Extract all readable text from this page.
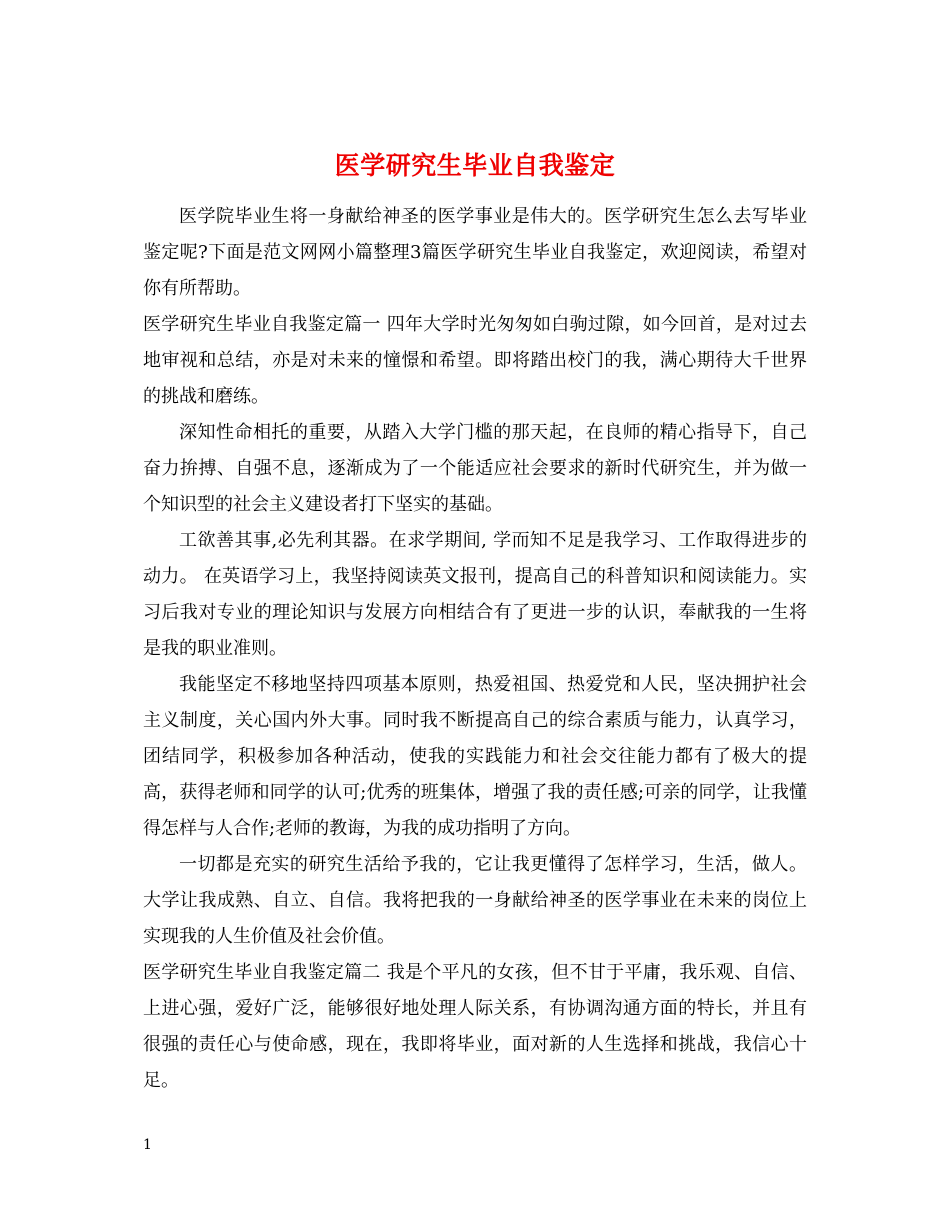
医学研究生毕业自我鉴定

医学院毕业生将一身献给神圣的医学事业是伟大的。医学研究生怎么去写毕业鉴定呢?下面是范文网网小篇整理3篇医学研究生毕业自我鉴定，欢迎阅读，希望对你有所帮助。

医学研究生毕业自我鉴定篇一 四年大学时光匆匆如白驹过隙，如今回首，是对过去地审视和总结，亦是对未来的憧憬和希望。即将踏出校门的我，满心期待大千世界的挑战和磨练。

深知性命相托的重要，从踏入大学门槛的那天起，在良师的精心指导下，自己奋力拚搏、自强不息，逐渐成为了一个能适应社会要求的新时代研究生，并为做一个知识型的社会主义建设者打下坚实的基础。

工欲善其事,必先利其器。在求学期间, 学而知不足是我学习、工作取得进步的动力。 在英语学习上，我坚持阅读英文报刊，提高自己的科普知识和阅读能力。实习后我对专业的理论知识与发展方向相结合有了更进一步的认识，奉献我的一生将是我的职业准则。

我能坚定不移地坚持四项基本原则，热爱祖国、热爱党和人民，坚决拥护社会主义制度，关心国内外大事。同时我不断提高自己的综合素质与能力，认真学习，团结同学，积极参加各种活动，使我的实践能力和社会交往能力都有了极大的提高，获得老师和同学的认可;优秀的班集体，增强了我的责任感;可亲的同学，让我懂得怎样与人合作;老师的教诲，为我的成功指明了方向。

一切都是充实的研究生活给予我的，它让我更懂得了怎样学习，生活，做人。大学让我成熟、自立、自信。我将把我的一身献给神圣的医学事业在未来的岗位上实现我的人生价值及社会价值。

医学研究生毕业自我鉴定篇二 我是个平凡的女孩，但不甘于平庸，我乐观、自信、上进心强，爱好广泛，能够很好地处理人际关系，有协调沟通方面的特长，并且有很强的责任心与使命感，现在，我即将毕业，面对新的人生选择和挑战，我信心十足。

1
